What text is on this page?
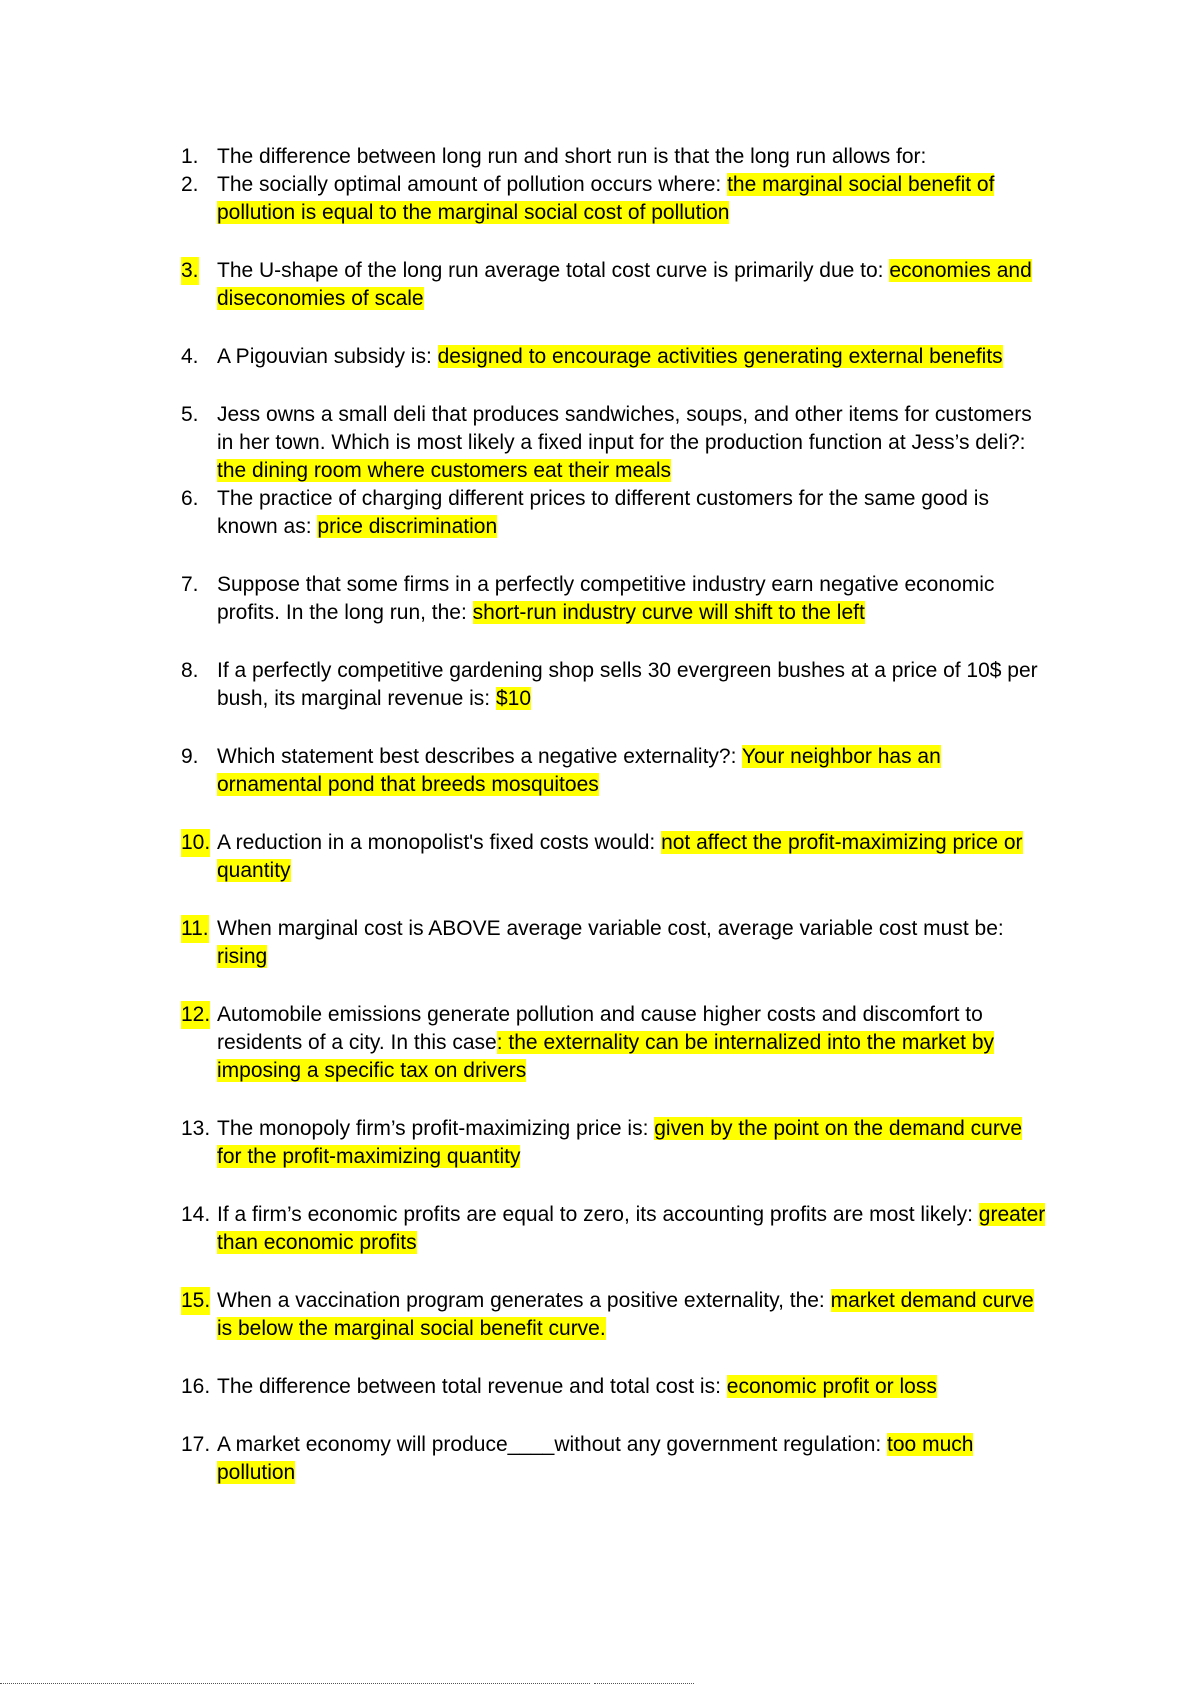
1. The difference between long run and short run is that the long run allows for:
2. The socially optimal amount of pollution occurs where: the marginal social benefit of pollution is equal to the marginal social cost of pollution
3. The U-shape of the long run average total cost curve is primarily due to: economies and diseconomies of scale
4. A Pigouvian subsidy is: designed to encourage activities generating external benefits
5. Jess owns a small deli that produces sandwiches, soups, and other items for customers in her town. Which is most likely a fixed input for the production function at Jess’s deli?: the dining room where customers eat their meals
6. The practice of charging different prices to different customers for the same good is known as: price discrimination
7. Suppose that some firms in a perfectly competitive industry earn negative economic profits. In the long run, the: short-run industry curve will shift to the left
8. If a perfectly competitive gardening shop sells 30 evergreen bushes at a price of 10$ per bush, its marginal revenue is: $10
9. Which statement best describes a negative externality?: Your neighbor has an ornamental pond that breeds mosquitoes
10. A reduction in a monopolist's fixed costs would: not affect the profit-maximizing price or quantity
11. When marginal cost is ABOVE average variable cost, average variable cost must be: rising
12. Automobile emissions generate pollution and cause higher costs and discomfort to residents of a city. In this case: the externality can be internalized into the market by imposing a specific tax on drivers
13. The monopoly firm’s profit-maximizing price is: given by the point on the demand curve for the profit-maximizing quantity
14. If a firm’s economic profits are equal to zero, its accounting profits are most likely: greater than economic profits
15. When a vaccination program generates a positive externality, the: market demand curve is below the marginal social benefit curve.
16. The difference between total revenue and total cost is: economic profit or loss
17. A market economy will produce____without any government regulation: too much pollution
